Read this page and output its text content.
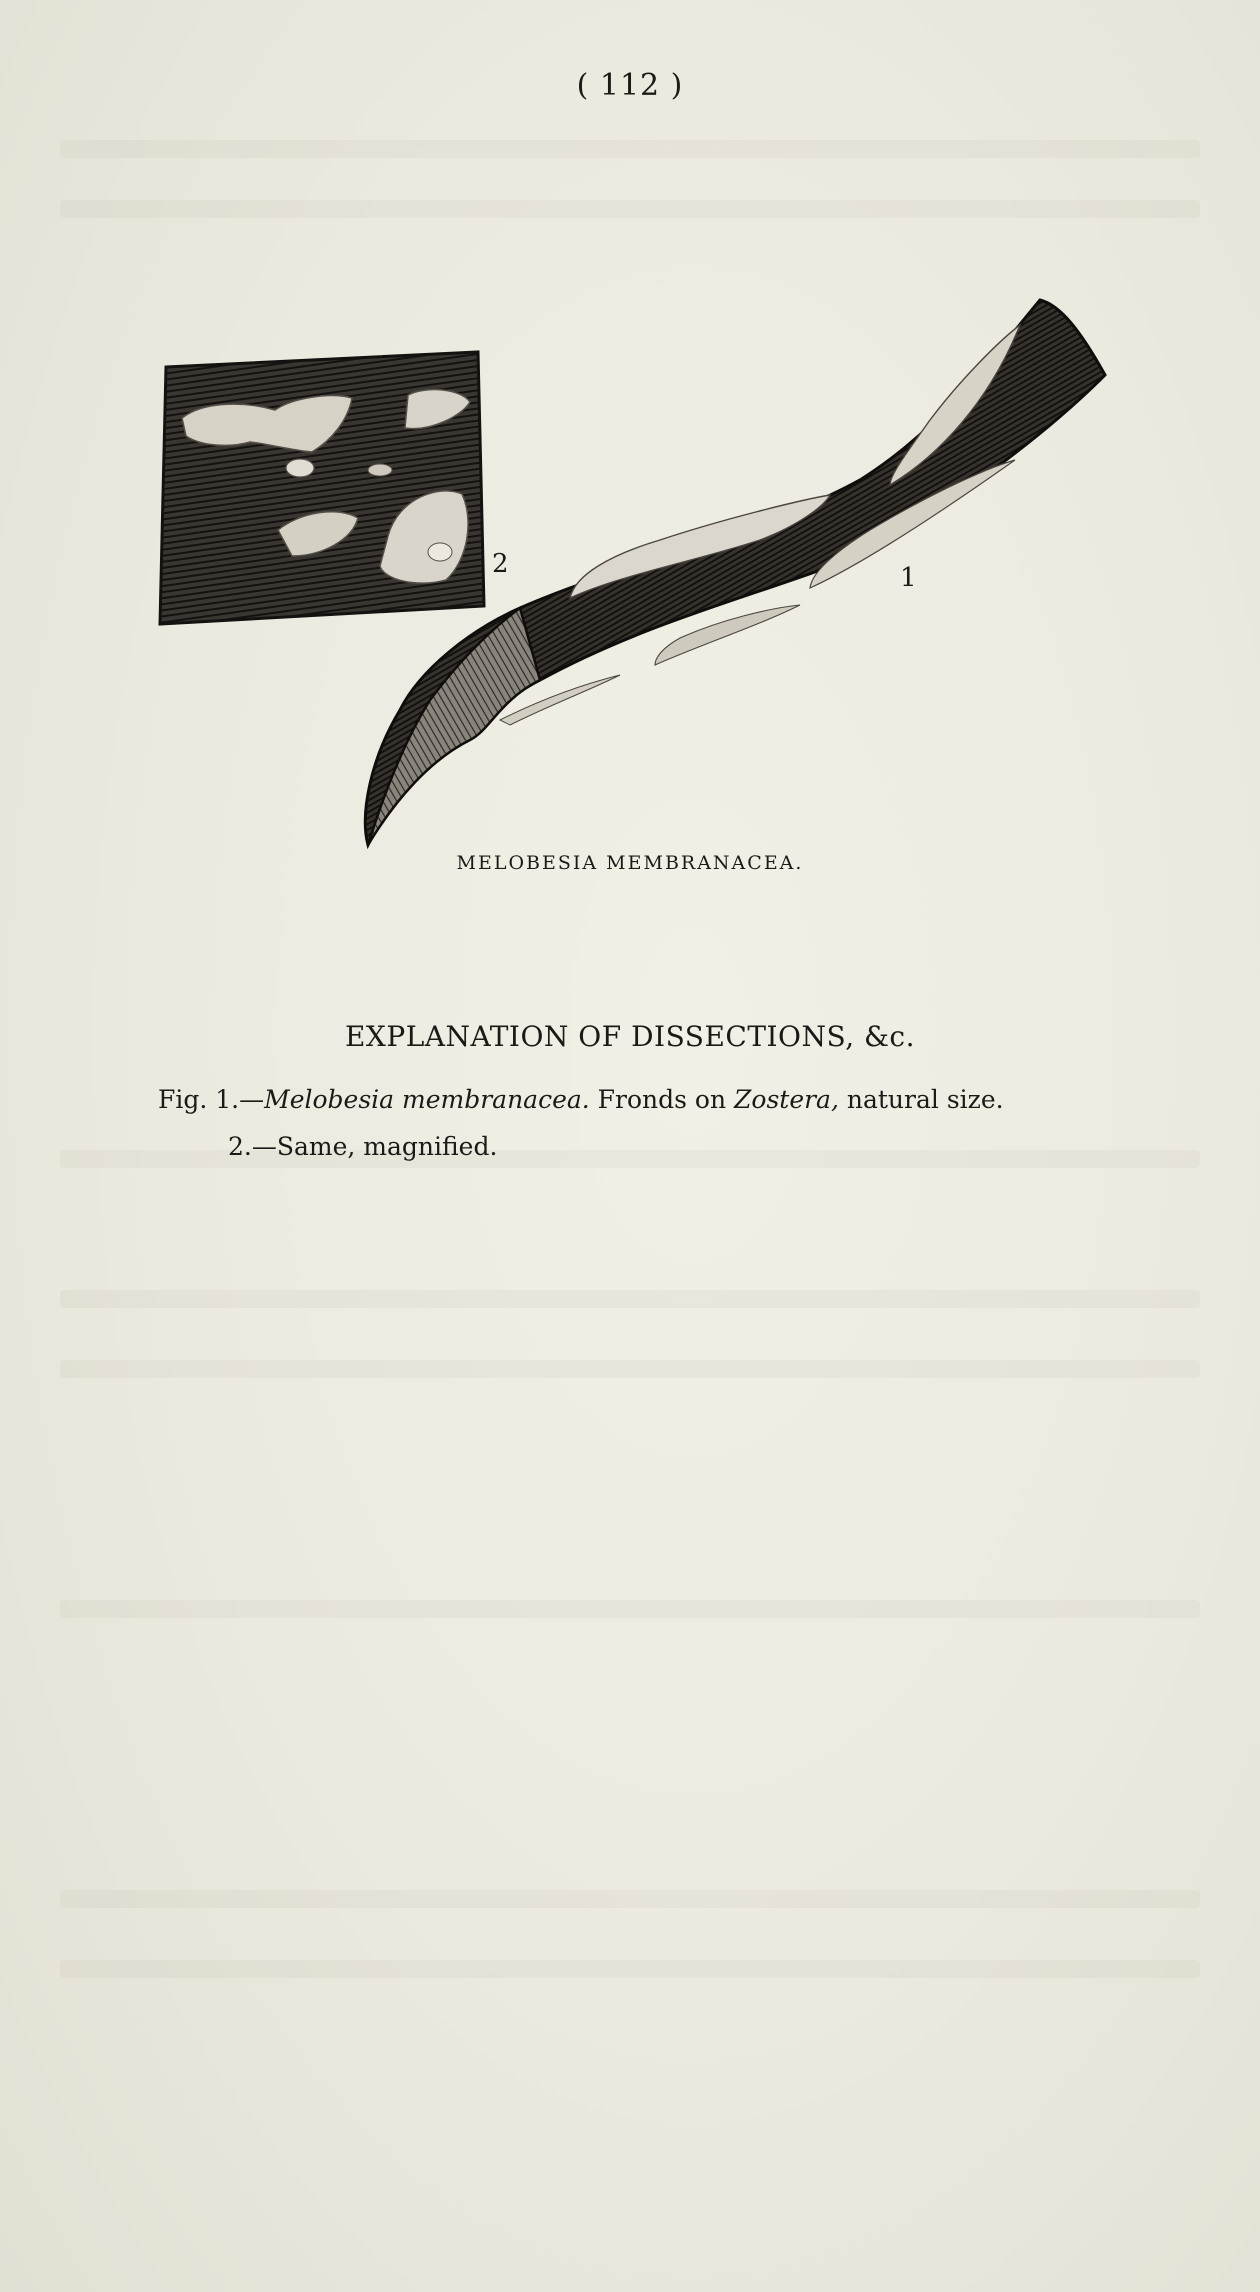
( 112 )
2	1
MELOBESIA MEMBRANACEA.
EXPLANATION OF DISSECTIONS, &c.
Fig. 1.—Melobesia membranacea. Fronds on Zostera, natural size.
2.—Same, magnified.
